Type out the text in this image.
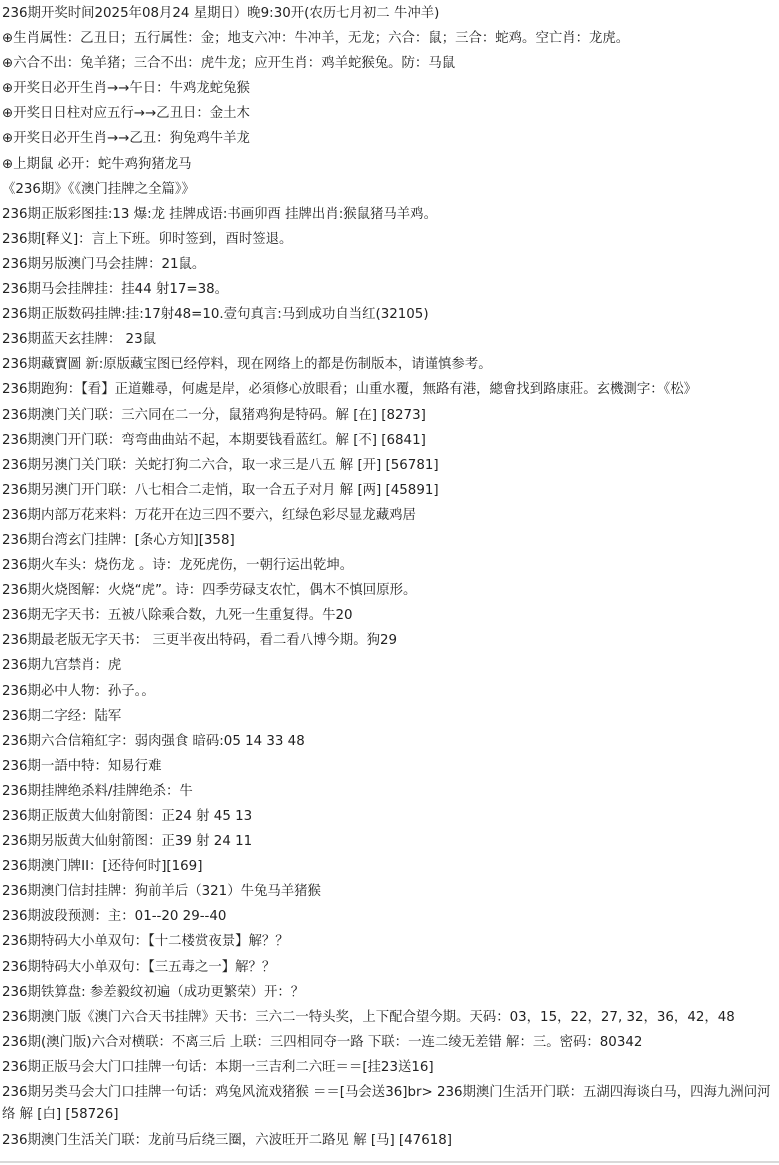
236期开奖时间2025年08月24 星期日）晚9:30开(农历七月初二 牛冲羊)
⊕生肖属性：乙丑日；五行属性：金；地支六冲：牛冲羊，无龙；六合：鼠；三合：蛇鸡。空亡肖：龙虎。
⊕六合不出：兔羊猪；三合不出：虎牛龙；应开生肖：鸡羊蛇猴兔。防：马鼠
⊕开奖日必开生肖→→午日：牛鸡龙蛇兔猴
⊕开奖日日柱对应五行→→乙丑日：金土木
⊕开奖日必开生肖→→乙丑：狗兔鸡牛羊龙
⊕上期鼠 必开：蛇牛鸡狗猪龙马
《236期》《《澳门挂牌之全篇》》
236期正版彩图挂:13 爆:龙 挂牌成语:书画卯酉 挂牌出肖:猴鼠猪马羊鸡。
236期[释义]：言上下班。卯时签到，酉时签退。
236期另版澳门马会挂牌：21鼠。
236期马会挂牌挂：挂44 射17=38。
236期正版数码挂牌:挂:17射48=10.壹句真言:马到成功自当红(32105)
236期蓝天玄挂牌： 23鼠
236期藏寶圖 新:原版藏宝图已经停料，现在网络上的都是伤制版本，请谨慎参考。
236期跑狗：【看】正道難尋，何處是岸，必須修心放眼看；山重水覆，無路有港，總會找到路康莊。玄機測字：《松》
236期澳门关门联：三六同在二一分，鼠猪鸡狗是特码。解 [在] [8273]
236期澳门开门联：弯弯曲曲站不起，本期要钱看蓝红。解 [不] [6841]
236期另澳门关门联：关蛇打狗二六合，取一求三是八五 解 [开] [56781]
236期另澳门开门联：八七相合二走悄，取一合五子对月 解 [两] [45891]
236期内部万花来料：万花开在边三四不要六，红绿色彩尽显龙藏鸡居
236期台湾玄门挂牌：[条心方知][358]
236期火车头：烧伤龙 。诗：龙死虎伤，一朝行运出乾坤。
236期火烧图解：火烧“虎”。诗：四季劳碌支农忙，偶木不慎回原形。
236期无字天书：五被八除乘合数，九死一生重复得。牛20
236期最老版无字天书： 三更半夜出特码，看二看八博今期。狗29
236期九宫禁肖：虎
236期必中人物：孙子。。
236期二字经：陆军
236期六合信箱紅字：弱肉强食 暗码:05 14 33 48
236期一語中特：知易行难
236期挂牌绝杀料/挂牌绝杀：牛
236期正版黄大仙射箭图：正24 射 45 13
236期另版黄大仙射箭图：正39 射 24 11
236期澳门牌II：[还待何时][169]
236期澳门信封挂牌：狗前羊后（321）牛兔马羊猪猴
236期波段预测：主：01--20 29--40
236期特码大小单双句：【十二楼赏夜景】解？？
236期特码大小单双句：【三五毒之一】解？？
236期铁算盘: 参差毅纹初遍（成功更繁荣）开：？
236期澳门版《澳门六合天书挂牌》天书：三六二一特头奖，上下配合望今期。天码：03，15，22，27, 32，36，42，48
236期(澳门版)六合对横联：不离三后 上联：三四相同夺一路 下联：一连二绫无差错 解：三。密码：80342
236期正版马会大门口挂牌一句话：本期一三吉利二六旺＝＝[挂23送16]
236期另类马会大门口挂牌一句话：鸡兔风流戏猪猴 ＝＝[马会送36]br> 236期澳门生活开门联：五湖四海谈白马，四海九洲问河络 解 [白] [58726]
236期澳门生活关门联：龙前马后绕三圈，六波旺开二路见 解 [马] [47618]
